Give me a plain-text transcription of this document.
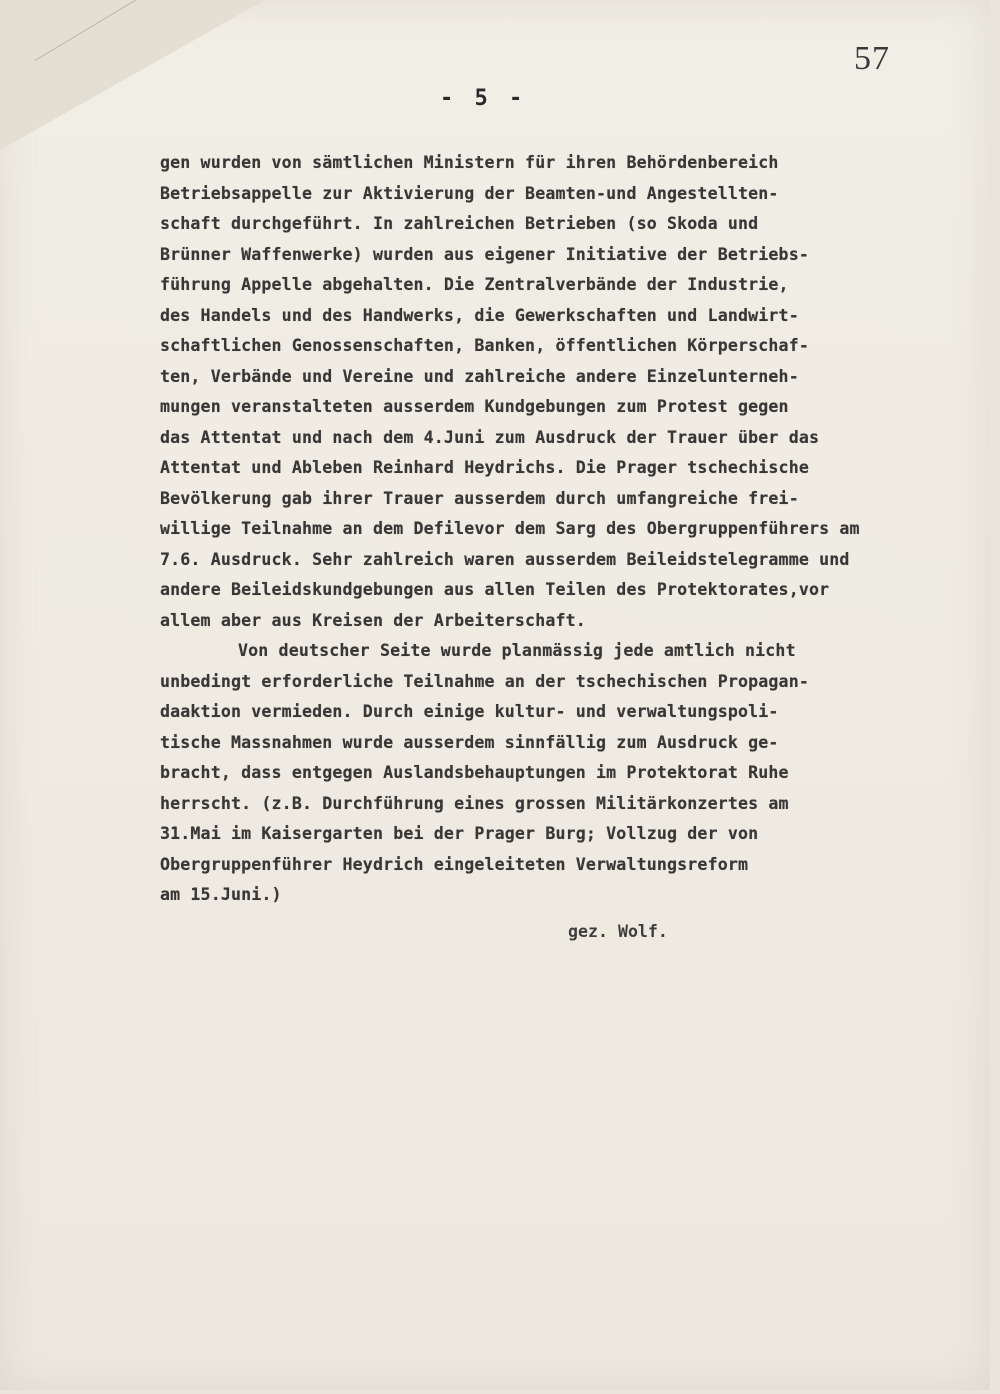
57
- 5 -
gen wurden von sämtlichen Ministern für ihren Behördenbereich
Betriebsappelle zur Aktivierung der Beamten-und Angestellten-
schaft durchgeführt. In zahlreichen Betrieben (so Skoda und
Brünner Waffenwerke) wurden aus eigener Initiative der Betriebs-
führung Appelle abgehalten. Die Zentralverbände der Industrie,
des Handels und des Handwerks, die Gewerkschaften und Landwirt-
schaftlichen Genossenschaften, Banken, öffentlichen Körperschaf-
ten, Verbände und Vereine und zahlreiche andere Einzelunterneh-
mungen veranstalteten ausserdem Kundgebungen zum Protest gegen
das Attentat und nach dem 4.Juni zum Ausdruck der Trauer über das
Attentat und Ableben Reinhard Heydrichs. Die Prager tschechische
Bevölkerung gab ihrer Trauer ausserdem durch umfangreiche frei-
willige Teilnahme an dem Defilevor dem Sarg des Obergruppenführers am
7.6. Ausdruck. Sehr zahlreich waren ausserdem Beileidstelegramme und
andere Beileidskundgebungen aus allen Teilen des Protektorates,vor
allem aber aus Kreisen der Arbeiterschaft.
Von deutscher Seite wurde planmässig jede amtlich nicht
unbedingt erforderliche Teilnahme an der tschechischen Propagan-
daaktion vermieden. Durch einige kultur- und verwaltungspoli-
tische Massnahmen wurde ausserdem sinnfällig zum Ausdruck ge-
bracht, dass entgegen Auslandsbehauptungen im Protektorat Ruhe
herrscht. (z.B. Durchführung eines grossen Militärkonzertes am
31.Mai im Kaisergarten bei der Prager Burg; Vollzug der von
Obergruppenführer Heydrich eingeleiteten Verwaltungsreform
am 15.Juni.)
gez. Wolf.
